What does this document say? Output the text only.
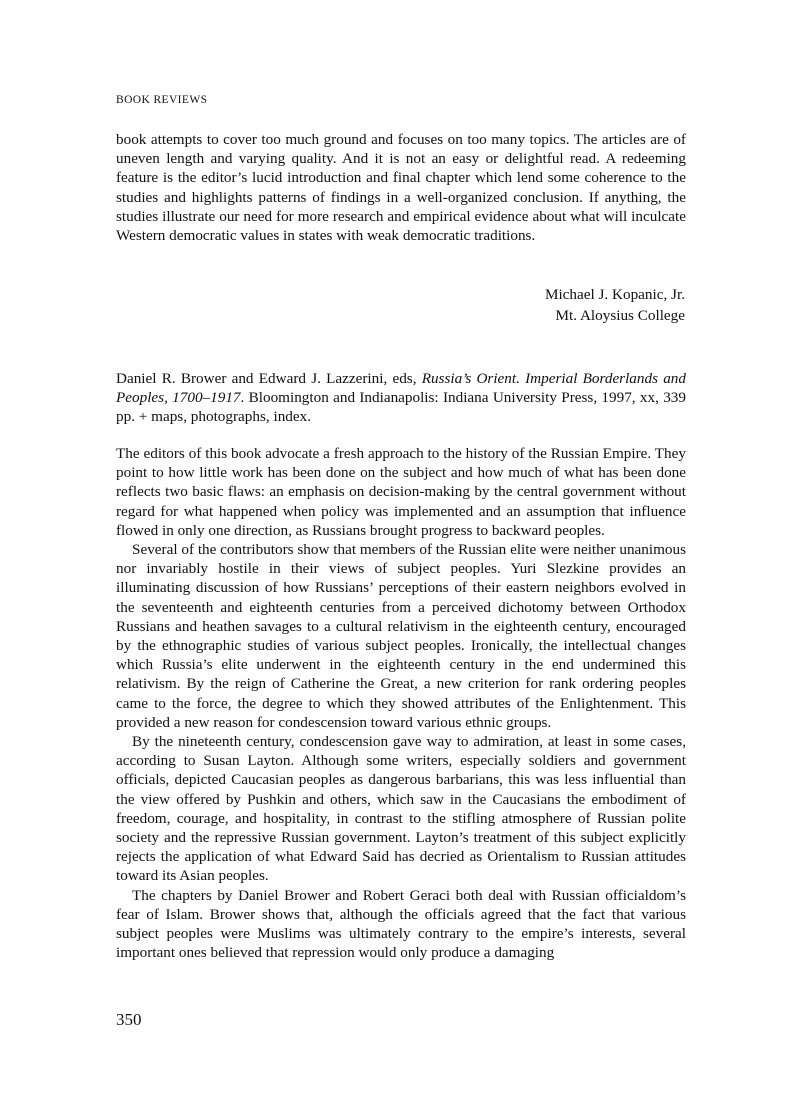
BOOK REVIEWS

book attempts to cover too much ground and focuses on too many topics. The articles are of uneven length and varying quality. And it is not an easy or delightful read. A redeeming feature is the editor’s lucid introduction and final chapter which lend some coherence to the studies and highlights patterns of findings in a well-organized conclusion. If anything, the studies illustrate our need for more research and empirical evidence about what will inculcate Western democratic values in states with weak democratic traditions.

Michael J. Kopanic, Jr.
Mt. Aloysius College

Daniel R. Brower and Edward J. Lazzerini, eds, Russia’s Orient. Imperial Borderlands and Peoples, 1700–1917. Bloomington and Indianapolis: Indiana University Press, 1997, xx, 339 pp. + maps, photographs, index.

The editors of this book advocate a fresh approach to the history of the Russian Empire. They point to how little work has been done on the subject and how much of what has been done reflects two basic flaws: an emphasis on decision-making by the central government without regard for what happened when policy was implemented and an assumption that influence flowed in only one direction, as Russians brought progress to backward peoples.

Several of the contributors show that members of the Russian elite were neither unanimous nor invariably hostile in their views of subject peoples. Yuri Slezkine provides an illuminating discussion of how Russians’ perceptions of their eastern neighbors evolved in the seventeenth and eighteenth centuries from a perceived dichotomy between Orthodox Russians and heathen savages to a cultural relativism in the eighteenth century, encouraged by the ethnographic studies of various subject peoples. Ironically, the intellectual changes which Russia’s elite underwent in the eighteenth century in the end undermined this relativism. By the reign of Catherine the Great, a new criterion for rank ordering peoples came to the force, the degree to which they showed attributes of the Enlightenment. This provided a new reason for condescension toward various ethnic groups.

By the nineteenth century, condescension gave way to admiration, at least in some cases, according to Susan Layton. Although some writers, especially soldiers and government officials, depicted Caucasian peoples as dangerous barbarians, this was less influential than the view offered by Pushkin and others, which saw in the Caucasians the embodiment of freedom, courage, and hospitality, in contrast to the stifling atmosphere of Russian polite society and the repressive Russian government. Layton’s treatment of this subject explicitly rejects the application of what Edward Said has decried as Orientalism to Russian attitudes toward its Asian peoples.

The chapters by Daniel Brower and Robert Geraci both deal with Russian officialdom’s fear of Islam. Brower shows that, although the officials agreed that the fact that various subject peoples were Muslims was ultimately contrary to the empire’s interests, several important ones believed that repression would only produce a damaging

350
